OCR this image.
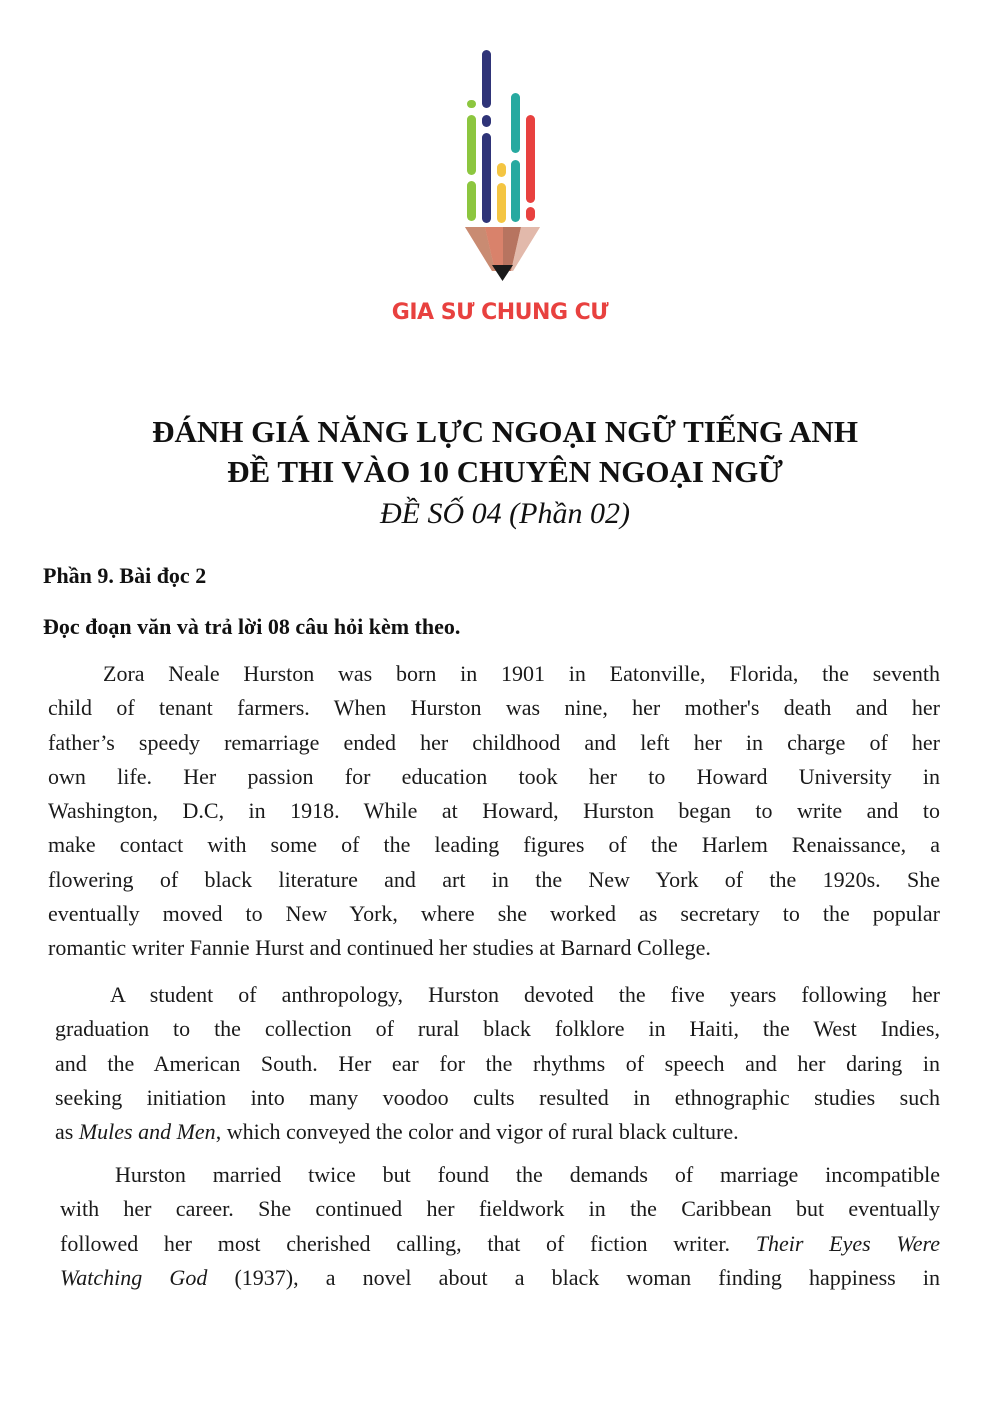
GIA SƯ CHUNG CƯ
ĐÁNH GIÁ NĂNG LỰC NGOẠI NGỮ TIẾNG ANH
ĐỀ THI VÀO 10 CHUYÊN NGOẠI NGỮ
ĐỀ SỐ 04 (Phần 02)
Phần 9. Bài đọc 2
Đọc đoạn văn và trả lời 08 câu hỏi kèm theo.
Zora Neale Hurston was born in 1901 in Eatonville, Florida, the seventh
child of tenant farmers. When Hurston was nine, her mother's death and her
father’s speedy remarriage ended her childhood and left her in charge of her
own life. Her passion for education took her to Howard University in
Washington, D.C, in 1918. While at Howard, Hurston began to write and to
make contact with some of the leading figures of the Harlem Renaissance, a
flowering of black literature and art in the New York of the 1920s. She
eventually moved to New York, where she worked as secretary to the popular
romantic writer Fannie Hurst and continued her studies at Barnard College.
A student of anthropology, Hurston devoted the five years following her
graduation to the collection of rural black folklore in Haiti, the West Indies,
and the American South. Her ear for the rhythms of speech and her daring in
seeking initiation into many voodoo cults resulted in ethnographic studies such
as Mules and Men, which conveyed the color and vigor of rural black culture.
Hurston married twice but found the demands of marriage incompatible
with her career. She continued her fieldwork in the Caribbean but eventually
followed her most cherished calling, that of fiction writer. Their Eyes Were
Watching God (1937), a novel about a black woman finding happiness in
